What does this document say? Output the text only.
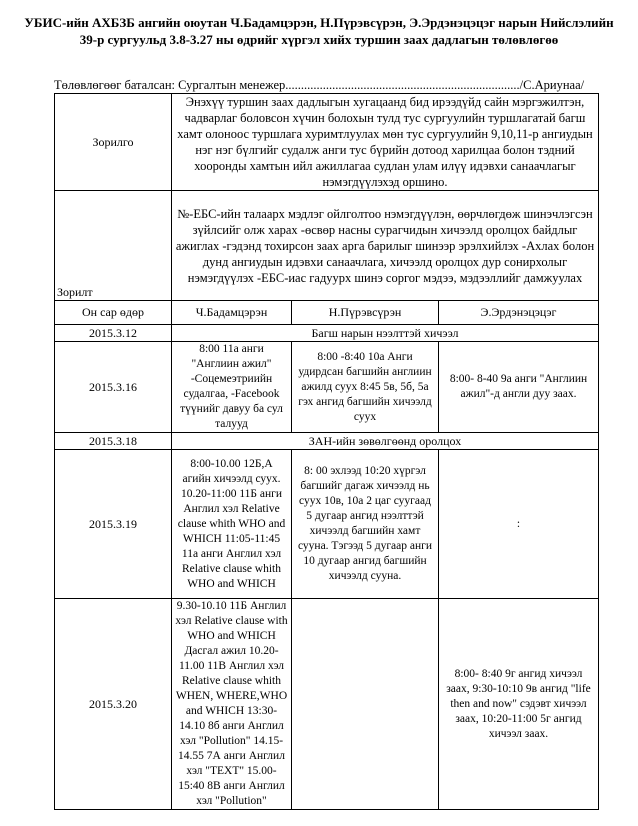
УБИС-ийн АХБЗБ ангийн оюутан Ч.Бадамцэрэн, Н.Пүрэвсүрэн, Э.Эрдэнэцэцэг нарын Нийслэлийн
39-р сургуульд 3.8-3.27 ны өдрийг хүргэл хийх туршин заах дадлагын төлөвлөгөө
Төлөвлөгөөг баталсан: Сургалтын менежер.........................................................................../С.Ариунаа/
Зорилго	Энэхүү туршин заах дадлыгын хугацаанд бид ирээдүйд сайн мэргэжилтэн, чадварлаг боловсон хүчин болохын тулд тус сургуулийн туршлагатай багш хамт олоноос туршлага хуримтлуулах мөн тус сургуулийн 9,10,11-р ангиудын нэг нэг бүлгийг судалж анги тус бүрийн дотоод харилцаа болон тэдний хооронды хамтын ийл ажиллагаа судлан улам илүү идэвхи санаачлагыг нэмэгдүүлэхэд оршино.		
Зорилт	№-ЕБС-ийн талаарх мэдлэг ойлголтоо нэмэгдүүлэн, өөрчлөгдөж шинэчлэгсэн зүйлсийг олж харах -өсвөр насны сурагчидын хичээлд оролцох байдлыг ажиглах -гэдэнд тохирсон заах арга барилыг шинээр эрэлхийлэх -Ахлах болон дунд ангиудын идэвхи санаачлага, хичээлд оролцох дур сонирхолыг нэмэгдүүлэх -ЕБС-иас гадуурх шинэ соргог мэдээ, мэдээллийг дамжуулах		
Он сар өдөр	Ч.Бадамцэрэн	Н.Пүрэвсүрэн	Э.Эрдэнэцэцэг
2015.3.12	Багш нарын нээлттэй хичээл		
2015.3.16	8:00 11а анги "Англиин ажил" -Соцемеэтриийн судалгаа, -Facebook түүнийг давуу ба сул талууд	8:00 -8:40 10а Анги удирдсан багшийн англиин ажилд суух 8:45 5в, 5б, 5а гэх ангид багшийн хичээлд суух	8:00- 8-40 9а анги "Англиин ажил"-д англи дуу заах.
2015.3.18	ЗАН-ийн зөвөлгөөнд оролцох		
2015.3.19	8:00-10.00 12Б,А агийн хичээлд суух. 10.20-11:00 11Б анги Англил хэл Relative clause whith WHO and WHICH 11:05-11:45 11а анги Англил хэл Relative clause whith WHO and WHICH	8: 00 эхлээд 10:20 хүргэл багшийг дагаж хичээлд нь суух 10в, 10а 2 цаг суугаад 5 дугаар ангид нээлттэй хичээлд багшийн хамт сууна. Тэгээд 5 дугаар анги 10 дугаар ангид багшийн хичээлд сууна.	:
2015.3.20	9.30-10.10 11Б Англил хэл Relative clause with WHO and WHICH Дасгал ажил 10.20-11.00 11В Англил хэл Relative clause whith WHEN, WHERE,WHO and WHICH 13:30-14.10 8б анги Англил хэл "Pollution" 14.15-14.55 7А анги Англил хэл "TEXT" 15.00-15:40 8В анги Англил хэл "Pollution"		8:00- 8:40 9г ангид хичээл заах, 9:30-10:10 9в ангид "life then and now" сэдэвт хичээл заах, 10:20-11:00 5г ангид хичээл заах.
